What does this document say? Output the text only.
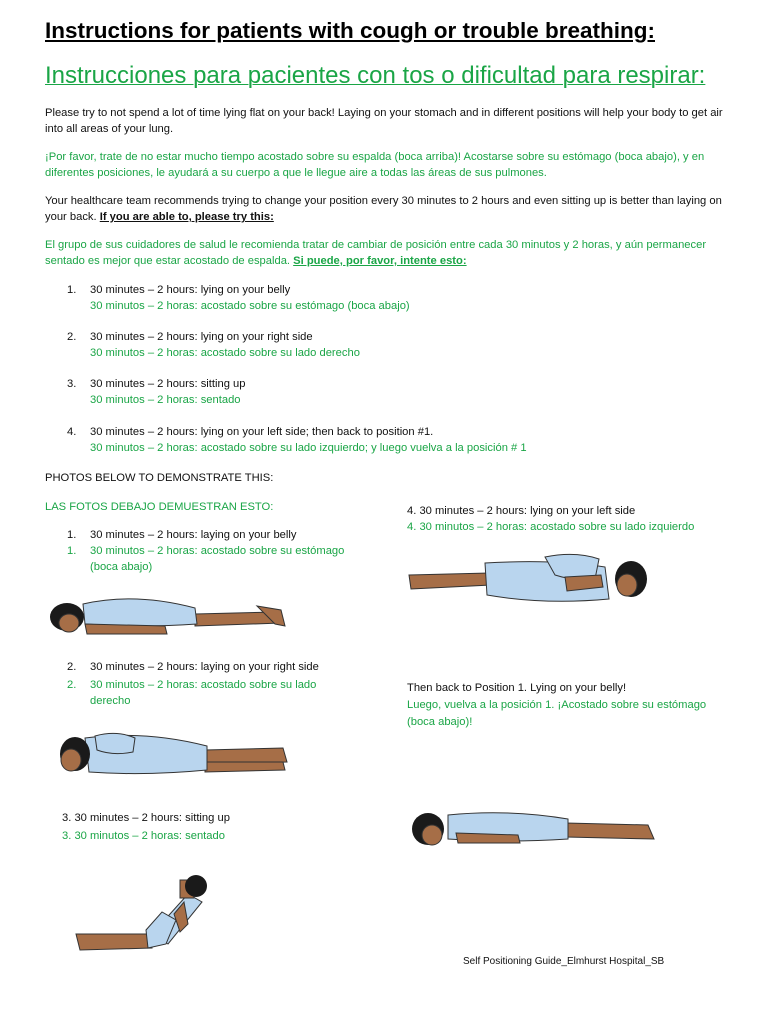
Instructions for patients with cough or trouble breathing:
Instrucciones para pacientes con tos o dificultad para respirar:
Please try to not spend a lot of time lying flat on your back! Laying on your stomach and in different positions will help your body to get air into all areas of your lung.
¡Por favor, trate de no estar mucho tiempo acostado sobre su espalda (boca arriba)! Acostarse sobre su estómago (boca abajo), y en diferentes posiciones, le ayudará a su cuerpo a que le llegue aire a todas las áreas de sus pulmones.
Your healthcare team recommends trying to change your position every 30 minutes to 2 hours and even sitting up is better than laying on your back. If you are able to, please try this:
El grupo de sus cuidadores de salud le recomienda tratar de cambiar de posición entre cada 30 minutos y 2 horas, y aún permanecer sentado es mejor que estar acostado de espalda. Si puede, por favor, intente esto:
1.	30 minutes – 2 hours: lying on your belly
30 minutos – 2 horas: acostado sobre su estómago (boca abajo)
2.	30 minutes – 2 hours: lying on your right side
30 minutos – 2 horas: acostado sobre su lado derecho
3.	30 minutes – 2 hours: sitting up
30 minutos – 2 horas: sentado
4.	30 minutes – 2 hours: lying on your left side; then back to position #1.
30 minutos – 2 horas: acostado sobre su lado izquierdo; y luego vuelva a la posición # 1
PHOTOS BELOW TO DEMONSTRATE THIS:
LAS FOTOS DEBAJO DEMUESTRAN ESTO:
1. 30 minutes – 2 hours: laying on your belly
1. 30 minutos – 2 horas: acostado sobre su estómago
(boca abajo)
2. 30 minutes – 2 hours: laying on your right side
2. 30 minutos – 2 horas: acostado sobre su lado
derecho
3. 30 minutes – 2 hours: sitting up
3. 30 minutos – 2 horas: sentado
4. 30 minutes – 2 hours: lying on your left side
4. 30 minutos – 2 horas: acostado sobre su lado izquierdo
Then back to Position 1. Lying on your belly!
Luego, vuelva a la posición 1. ¡Acostado sobre su estómago
(boca abajo)!
Self Positioning Guide_Elmhurst Hospital_SB
